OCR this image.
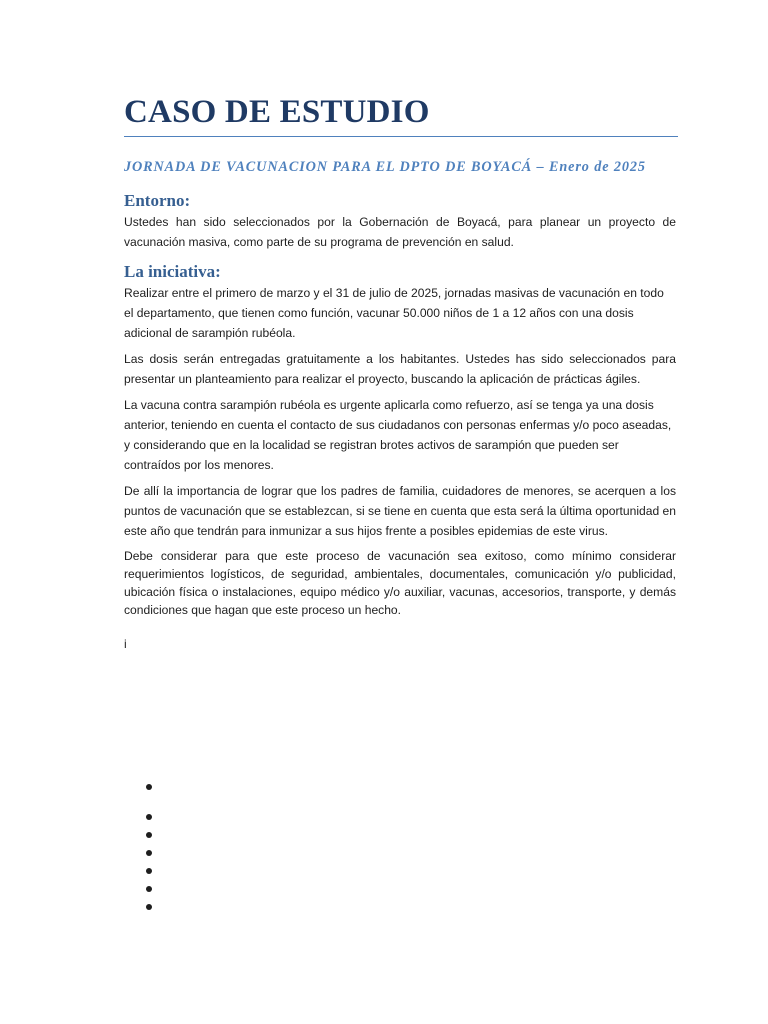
CASO DE ESTUDIO
JORNADA DE VACUNACION PARA EL DPTO DE BOYACÁ – Enero de 2025
Entorno:

Ustedes han sido seleccionados por la Gobernación de Boyacá, para planear un proyecto de vacunación masiva, como parte de su programa de prevención en salud.

La iniciativa:

Realizar entre el primero de marzo y el 31 de julio de 2025, jornadas masivas de vacunación en todo el departamento, que tienen como función, vacunar 50.000 niños de 1 a 12 años con una dosis adicional de sarampión rubéola.

Las dosis serán entregadas gratuitamente a los habitantes. Ustedes has sido seleccionados para presentar un planteamiento para realizar el proyecto, buscando la aplicación de prácticas ágiles.

La vacuna contra sarampión rubéola es urgente aplicarla como refuerzo, así se tenga ya una dosis anterior, teniendo en cuenta el contacto de sus ciudadanos con personas enfermas y/o poco aseadas, y considerando que en la localidad se registran brotes activos de sarampión que pueden ser contraídos por los menores.

De allí la importancia de lograr que los padres de familia, cuidadores de menores, se acerquen a los puntos de vacunación que se establezcan, si se tiene en cuenta que esta será la última oportunidad en este año que tendrán para inmunizar a sus hijos frente a posibles epidemias de este virus.

Debe considerar para que este proceso de vacunación sea exitoso, como mínimo considerar requerimientos logísticos, de seguridad, ambientales, documentales, comunicación y/o publicidad, ubicación física o instalaciones, equipo médico y/o auxiliar, vacunas, accesorios, transporte, y demás condiciones que hagan que este proceso un hecho.

i
